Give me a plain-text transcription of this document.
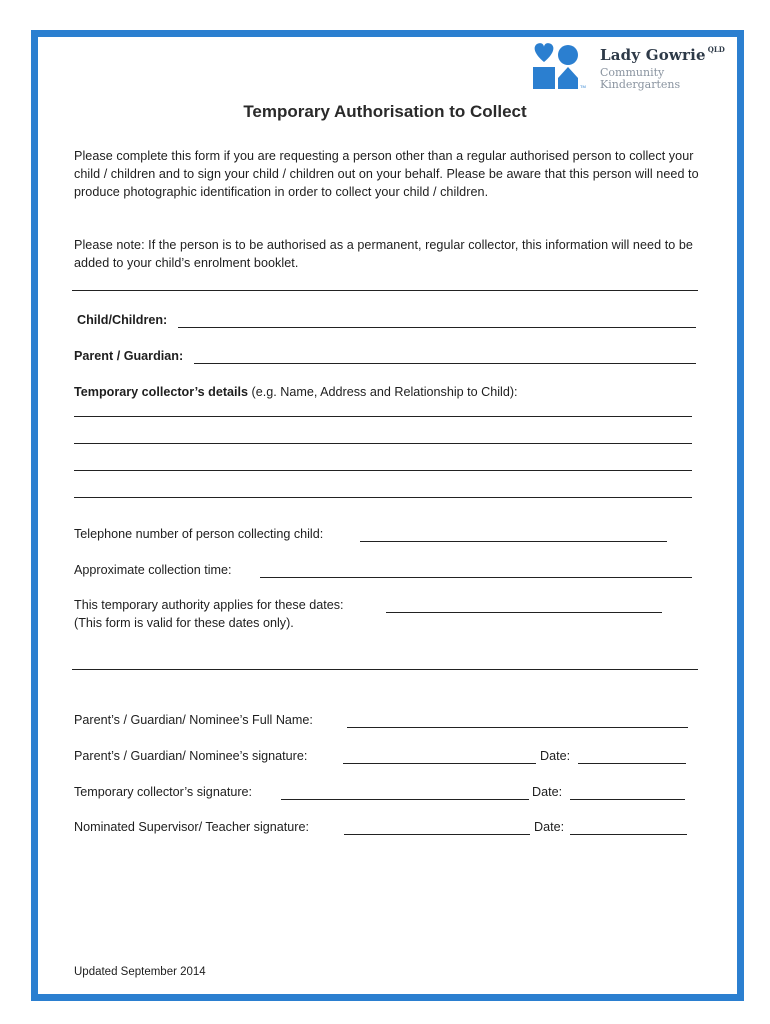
TM
Lady Gowrie $^{QLD}$
Community
Kindergartens
Temporary Authorisation to Collect
Please complete this form if you are requesting a person other than a regular authorised person to collect your child / children and to sign your child / children out on your behalf. Please be aware that this person will need to produce photographic identification in order to collect your child / children.
Please note: If the person is to be authorised as a permanent, regular collector, this information will need to be added to your child’s enrolment booklet.
Child/Children:
Parent / Guardian:
Temporary collector’s details (e.g. Name, Address and Relationship to Child):
Telephone number of person collecting child:
Approximate collection time:
This temporary authority applies for these dates:
(This form is valid for these dates only).
Parent’s / Guardian/ Nominee’s Full Name:
Parent’s / Guardian/ Nominee’s signature:	Date:
Temporary collector’s signature:	Date:
Nominated Supervisor/ Teacher signature:	Date:
Updated September 2014
